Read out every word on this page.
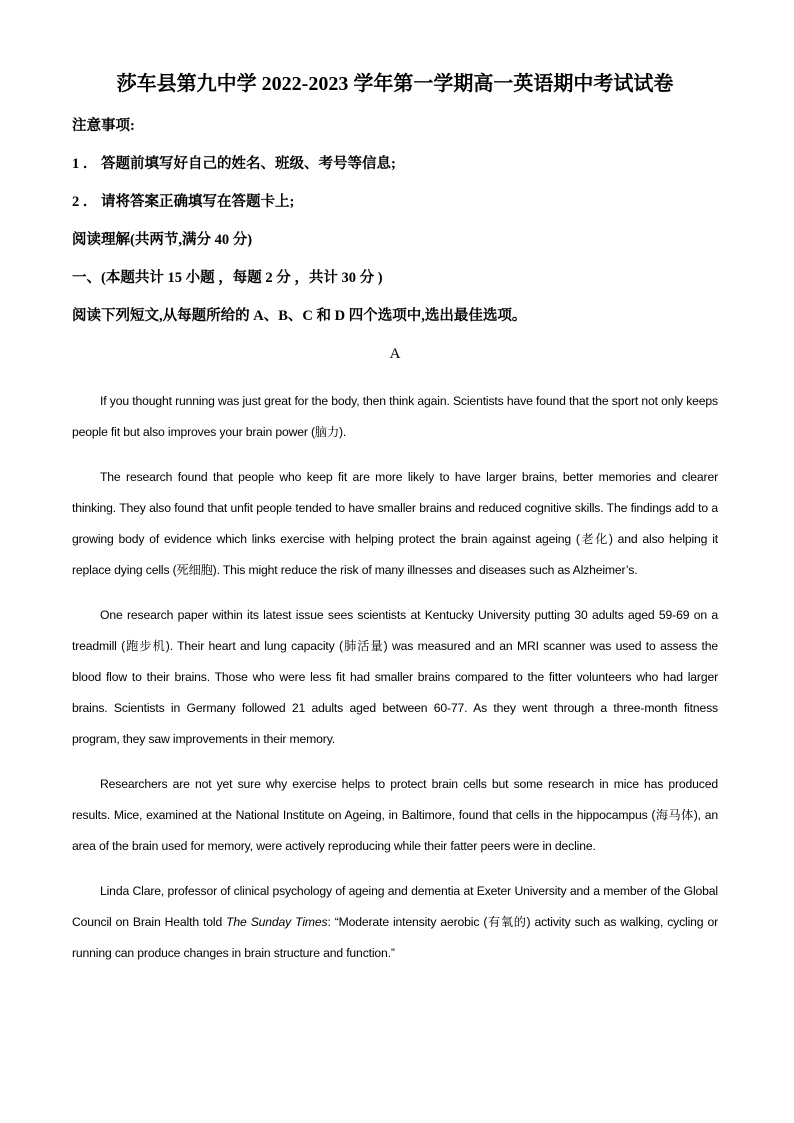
莎车县第九中学 2022-2023 学年第一学期高一英语期中考试试卷
注意事项:
1 ． 答题前填写好自己的姓名、班级、考号等信息;
2 ． 请将答案正确填写在答题卡上;
阅读理解(共两节,满分 40 分)
一、(本题共计 15 小题 ，每题 2 分 ，共计 30 分 )
阅读下列短文,从每题所给的 A、B、C 和 D 四个选项中,选出最佳选项。
A

If you thought running was just great for the body, then think again. Scientists have found that the sport not only keeps people fit but also improves your brain power (脑力).

The research found that people who keep fit are more likely to have larger brains, better memories and clearer thinking. They also found that unfit people tended to have smaller brains and reduced cognitive skills. The findings add to a growing body of evidence which links exercise with helping protect the brain against ageing (老化) and also helping it replace dying cells (死细胞). This might reduce the risk of many illnesses and diseases such as Alzheimer’s.

One research paper within its latest issue sees scientists at Kentucky University putting 30 adults aged 59-69 on a treadmill (跑步机). Their heart and lung capacity (肺活量) was measured and an MRI scanner was used to assess the blood flow to their brains. Those who were less fit had smaller brains compared to the fitter volunteers who had larger brains. Scientists in Germany followed 21 adults aged between 60-77. As they went through a three-month fitness program, they saw improvements in their memory.

Researchers are not yet sure why exercise helps to protect brain cells but some research in mice has produced results. Mice, examined at the National Institute on Ageing, in Baltimore, found that cells in the hippocampus (海马体), an area of the brain used for memory, were actively reproducing while their fatter peers were in decline.

Linda Clare, professor of clinical psychology of ageing and dementia at Exeter University and a member of the Global Council on Brain Health told The Sunday Times: “Moderate intensity aerobic (有氧的) activity such as walking, cycling or running can produce changes in brain structure and function.”
